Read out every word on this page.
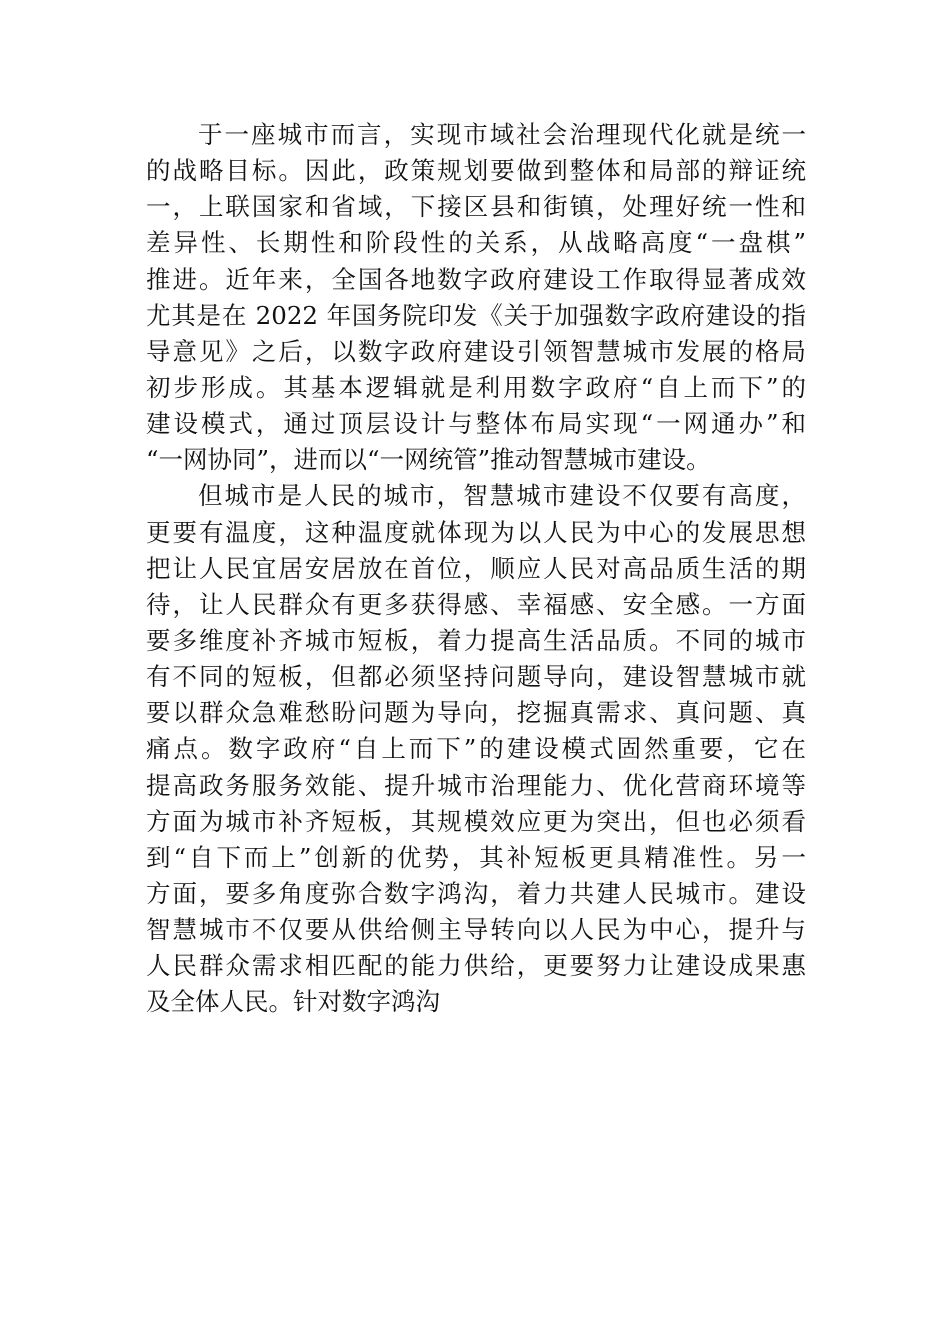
于一座城市而言，实现市域社会治理现代化就是统一
的战略目标。因此，政策规划要做到整体和局部的辩证统
一，上联国家和省域，下接区县和街镇，处理好统一性和
差异性、长期性和阶段性的关系，从战略高度“一盘棋”
推进。近年来，全国各地数字政府建设工作取得显著成效
尤其是在 2022 年国务院印发《关于加强数字政府建设的指
导意见》之后，以数字政府建设引领智慧城市发展的格局
初步形成。其基本逻辑就是利用数字政府“自上而下”的
建设模式，通过顶层设计与整体布局实现“一网通办”和
“一网协同”，进而以“一网统管”推动智慧城市建设。
但城市是人民的城市，智慧城市建设不仅要有高度，
更要有温度，这种温度就体现为以人民为中心的发展思想
把让人民宜居安居放在首位，顺应人民对高品质生活的期
待，让人民群众有更多获得感、幸福感、安全感。一方面
要多维度补齐城市短板，着力提高生活品质。不同的城市
有不同的短板，但都必须坚持问题导向，建设智慧城市就
要以群众急难愁盼问题为导向，挖掘真需求、真问题、真
痛点。数字政府“自上而下”的建设模式固然重要，它在
提高政务服务效能、提升城市治理能力、优化营商环境等
方面为城市补齐短板，其规模效应更为突出，但也必须看
到“自下而上”创新的优势，其补短板更具精准性。另一
方面，要多角度弥合数字鸿沟，着力共建人民城市。建设
智慧城市不仅要从供给侧主导转向以人民为中心，提升与
人民群众需求相匹配的能力供给，更要努力让建设成果惠
及全体人民。针对数字鸿沟
